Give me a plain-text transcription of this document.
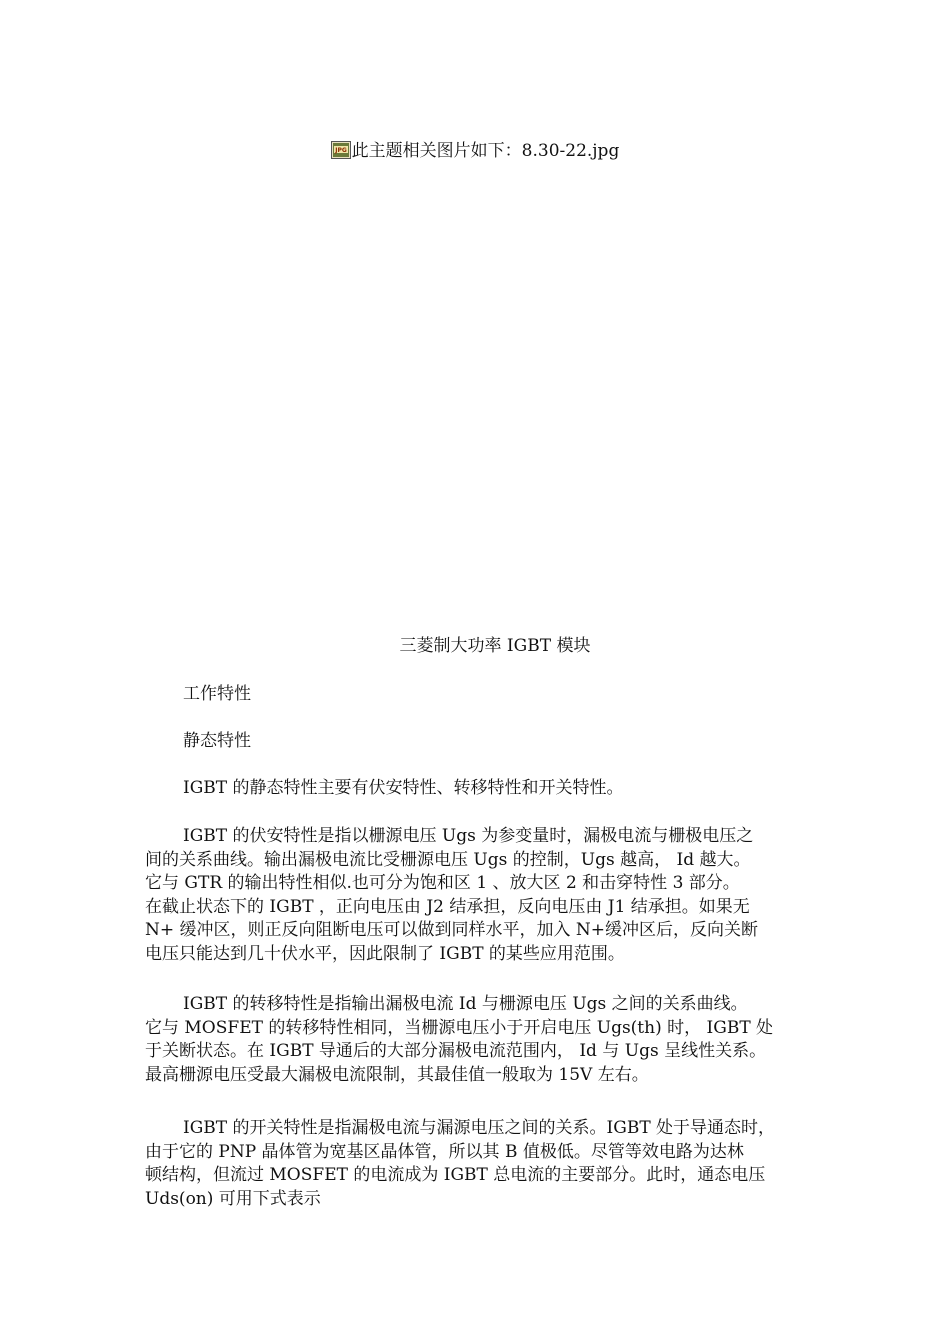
JPG 此主题相关图片如下：8.30-22.jpg
三菱制大功率 IGBT 模块
工作特性
静态特性
IGBT 的静态特性主要有伏安特性、转移特性和开关特性。
IGBT 的伏安特性是指以栅源电压 Ugs 为参变量时，漏极电流与栅极电压之
间的关系曲线。输出漏极电流比受栅源电压 Ugs 的控制，Ugs 越高， Id 越大。
它与 GTR 的输出特性相似.也可分为饱和区 1 、放大区 2 和击穿特性 3 部分。
在截止状态下的 IGBT ，正向电压由 J2 结承担，反向电压由 J1 结承担。如果无
N+ 缓冲区，则正反向阻断电压可以做到同样水平，加入 N+缓冲区后，反向关断
电压只能达到几十伏水平，因此限制了 IGBT 的某些应用范围。
IGBT 的转移特性是指输出漏极电流 Id 与栅源电压 Ugs 之间的关系曲线。
它与 MOSFET 的转移特性相同，当栅源电压小于开启电压 Ugs(th) 时， IGBT 处
于关断状态。在 IGBT 导通后的大部分漏极电流范围内， Id 与 Ugs 呈线性关系。
最高栅源电压受最大漏极电流限制，其最佳值一般取为 15V 左右。
IGBT 的开关特性是指漏极电流与漏源电压之间的关系。IGBT 处于导通态时，
由于它的 PNP 晶体管为宽基区晶体管，所以其 B 值极低。尽管等效电路为达林
顿结构，但流过 MOSFET 的电流成为 IGBT 总电流的主要部分。此时，通态电压
Uds(on) 可用下式表示
